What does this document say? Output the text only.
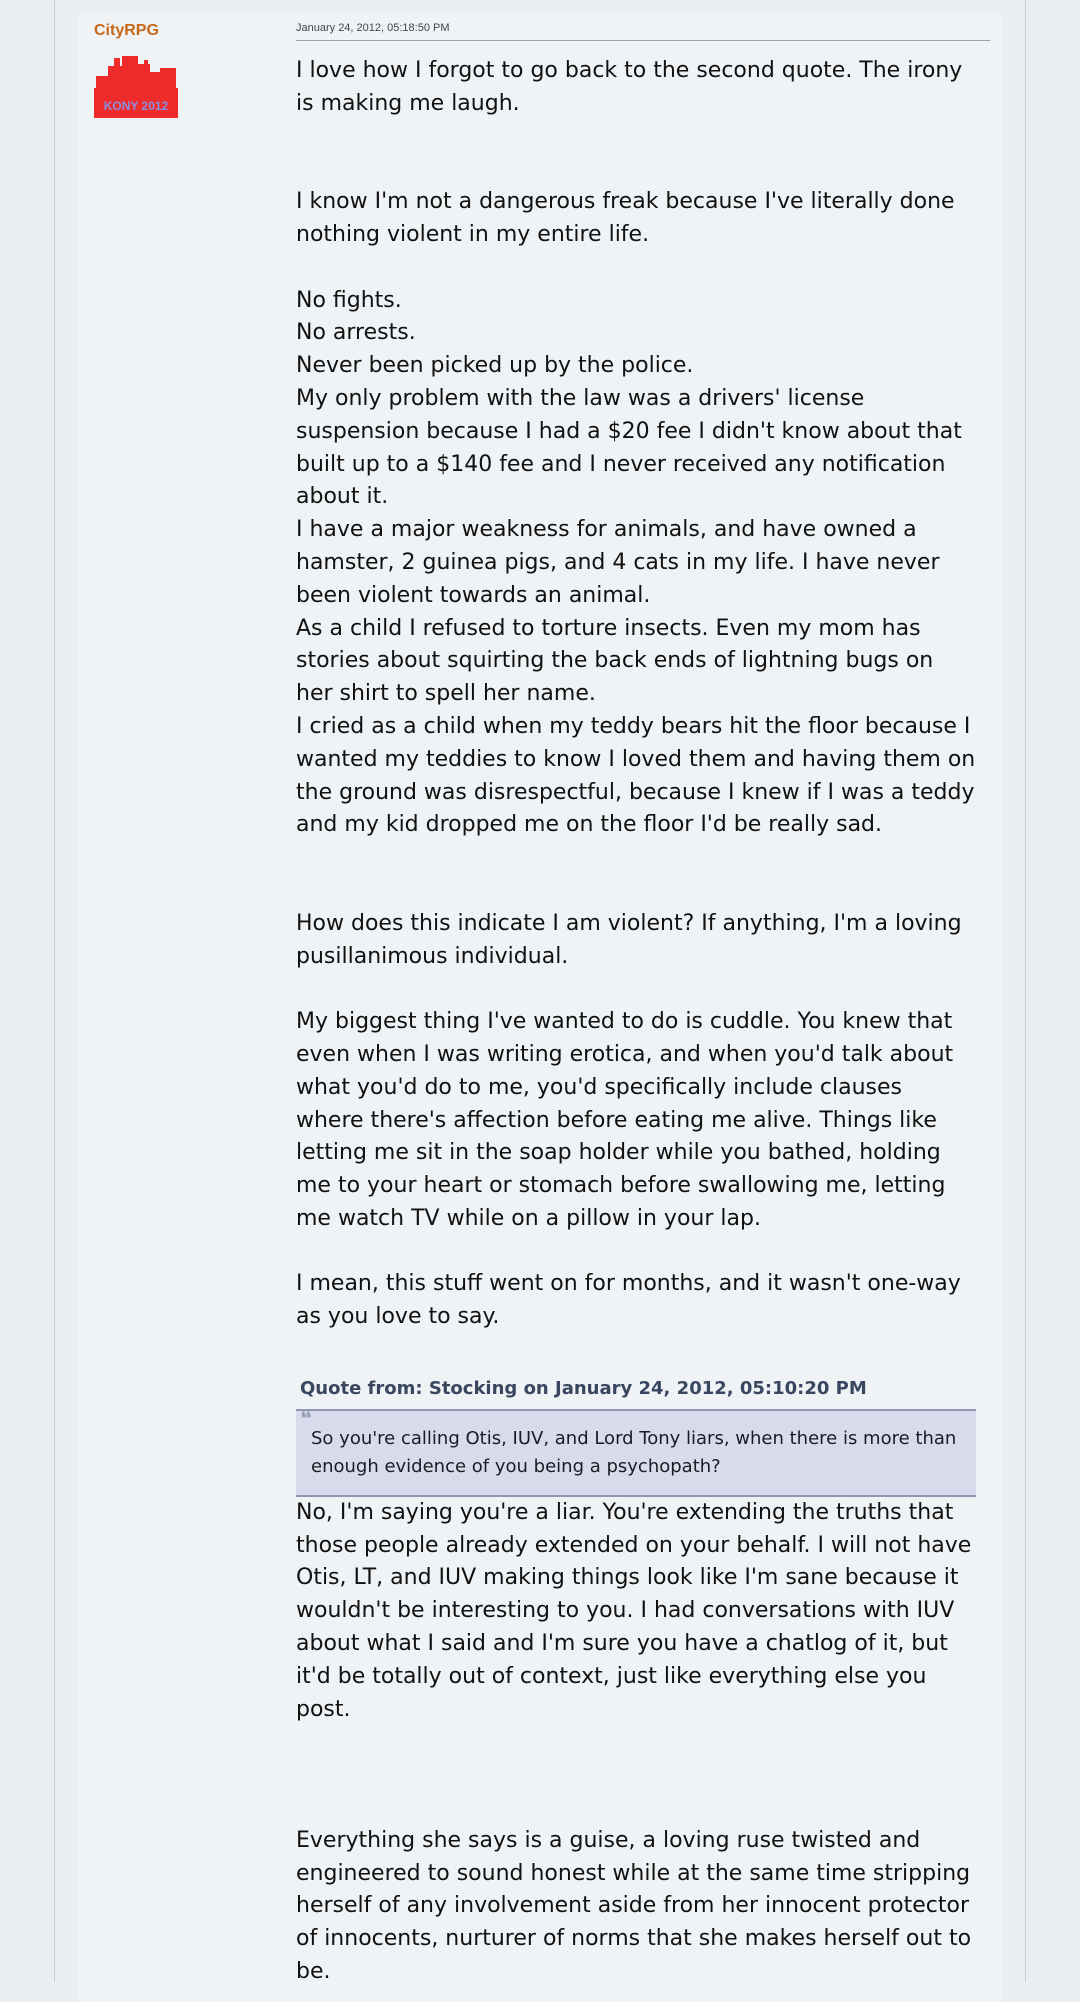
CityRPG
KONY 2012
January 24, 2012, 05:18:50 PM

I love how I forgot to go back to the second quote. The irony is making me laugh.

I know I'm not a dangerous freak because I've literally done nothing violent in my entire life.

No fights.

No arrests.

Never been picked up by the police.

My only problem with the law was a drivers' license suspension because I had a $20 fee I didn't know about that built up to a $140 fee and I never received any notification about it.

I have a major weakness for animals, and have owned a hamster, 2 guinea pigs, and 4 cats in my life. I have never been violent towards an animal.

As a child I refused to torture insects. Even my mom has stories about squirting the back ends of lightning bugs on her shirt to spell her name.

I cried as a child when my teddy bears hit the floor because I wanted my teddies to know I loved them and having them on the ground was disrespectful, because I knew if I was a teddy and my kid dropped me on the floor I'd be really sad.

How does this indicate I am violent? If anything, I'm a loving pusillanimous individual.

My biggest thing I've wanted to do is cuddle. You knew that even when I was writing erotica, and when you'd talk about what you'd do to me, you'd specifically include clauses where there's affection before eating me alive. Things like letting me sit in the soap holder while you bathed, holding me to your heart or stomach before swallowing me, letting me watch TV while on a pillow in your lap.

I mean, this stuff went on for months, and it wasn't one-way as you love to say.

Quote from: Stocking on January 24, 2012, 05:10:20 PM
❝
So you're calling Otis, IUV, and Lord Tony liars, when there is more than enough evidence of you being a psychopath?

No, I'm saying you're a liar. You're extending the truths that those people already extended on your behalf. I will not have Otis, LT, and IUV making things look like I'm sane because it wouldn't be interesting to you. I had conversations with IUV about what I said and I'm sure you have a chatlog of it, but it'd be totally out of context, just like everything else you post.

Everything she says is a guise, a loving ruse twisted and engineered to sound honest while at the same time stripping herself of any involvement aside from her innocent protector of innocents, nurturer of norms that she makes herself out to be.
